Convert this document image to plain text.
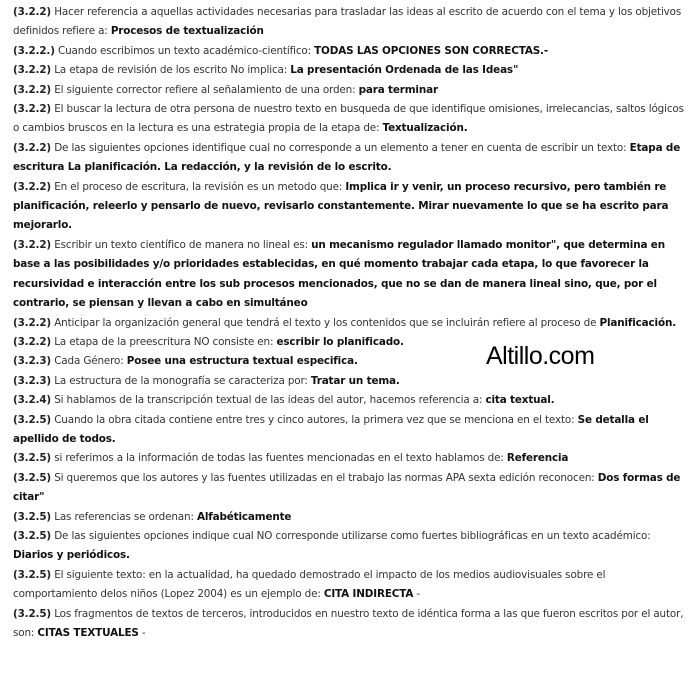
(3.2.2) Hacer referencia a aquellas actividades necesarias para trasladar las ideas al escrito de acuerdo con el tema y los objetivos definidos refiere a: Procesos de textualización

(3.2.2.) Cuando escribimos un texto académico-científico: TODAS LAS OPCIONES SON CORRECTAS.-

(3.2.2) La etapa de revisión de los escrito No implica: La presentación Ordenada de las Ideas"

(3.2.2) El siguiente corrector refiere al señalamiento de una orden: para terminar

(3.2.2) El buscar la lectura de otra persona de nuestro texto en busqueda de que identifique omisiones, irrelecancias, saltos lógicos o cambios bruscos en la lectura es una estrategia propia de la etapa de: Textualización.

(3.2.2) De las siguientes opciones identifique cual no corresponde a un elemento a tener en cuenta de escribir un texto: Etapa de escritura La planificación. La redacción, y la revisión de lo escrito.

(3.2.2) En el proceso de escritura, la revisión es un metodo que: Implica ir y venir, un proceso recursivo, pero también re planificación, releerlo y pensarlo de nuevo, revisarlo constantemente. Mirar nuevamente lo que se ha escrito para mejorarlo.

(3.2.2) Escribir un texto científico de manera no lineal es: un mecanismo regulador llamado monitor", que determina en base a las posibilidades y/o prioridades establecidas, en qué momento trabajar cada etapa, lo que favorecer la recursividad e interacción entre los sub procesos mencionados, que no se dan de manera lineal sino, que, por el contrario, se piensan y llevan a cabo en simultáneo

(3.2.2) Anticipar la organización general que tendrá el texto y los contenidos que se incluirán refiere al proceso de Planificación.

(3.2.2) La etapa de la preescritura NO consiste en: escribir lo planificado.

(3.2.3) Cada Género: Posee una estructura textual especifica.

(3.2.3) La estructura de la monografía se caracteriza por: Tratar un tema.

(3.2.4) Si hablamos de la transcripción textual de las ideas del autor, hacemos referencia a: cita textual.

(3.2.5) Cuando la obra citada contiene entre tres y cinco autores, la primera vez que se menciona en el texto: Se detalla el apellido de todos.

(3.2.5) si referimos a la información de todas las fuentes mencionadas en el texto hablamos de: Referencia

(3.2.5) Si queremos que los autores y las fuentes utilizadas en el trabajo las normas APA sexta edición reconocen: Dos formas de citar"

(3.2.5) Las referencias se ordenan: Alfabéticamente

(3.2.5) De las siguientes opciones indique cual NO corresponde utilizarse como fuertes bibliográficas en un texto académico: Diarios y periódicos.

(3.2.5) El siguiente texto: en la actualidad, ha quedado demostrado el impacto de los medios audiovisuales sobre el comportamiento delos niños (Lopez 2004) es un ejemplo de: CITA INDIRECTA -

(3.2.5) Los fragmentos de textos de terceros, introducidos en nuestro texto de idéntica forma a las que fueron escritos por el autor, son: CITAS TEXTUALES -

Altillo.com
